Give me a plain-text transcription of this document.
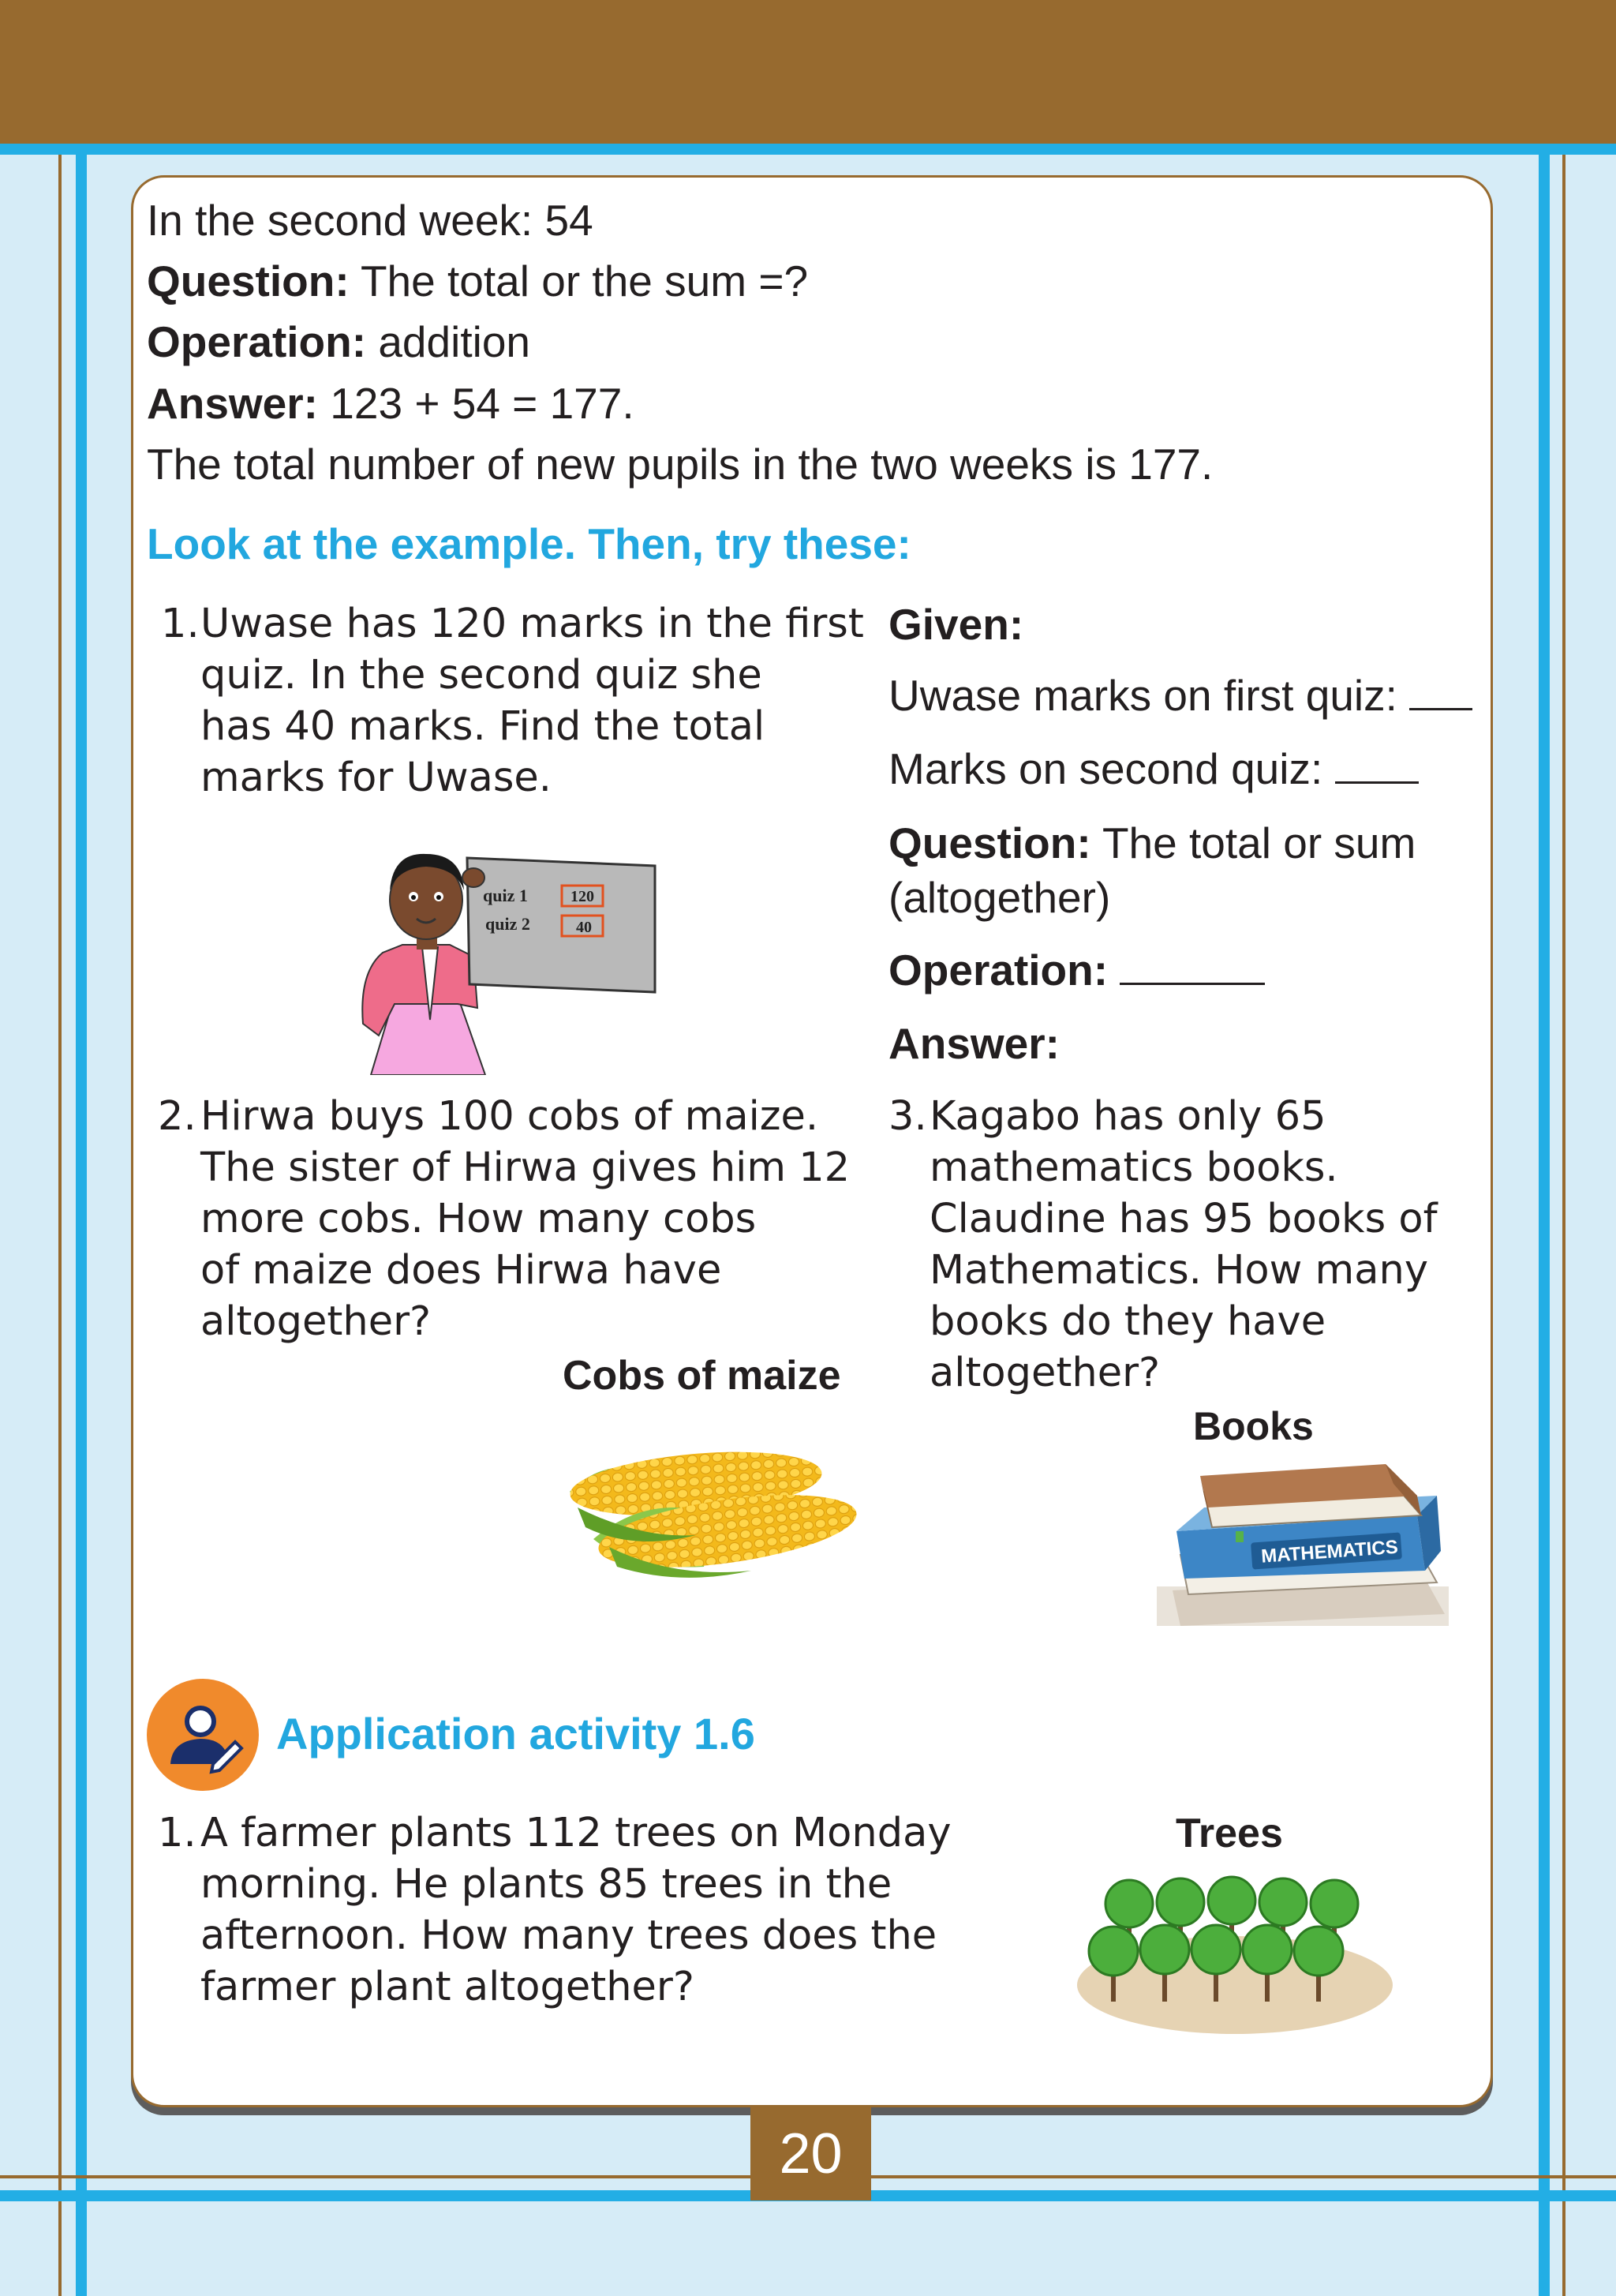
In the second week: 54
Question: The total or the sum =?
Operation: addition
Answer: 123 + 54 = 177.
The total number of new pupils in the two weeks is 177.
Look at the example. Then, try these:
1. Uwase has 120 marks in the first
quiz. In the second quiz she
has 40 marks. Find the total
marks for Uwase.
quiz 1	120
quiz 2	40
Given:
Uwase marks on first quiz:
Marks on second quiz:
Question: The total or sum
(altogether)
Operation:
Answer:
2. Hirwa buys 100 cobs of maize.
The sister of Hirwa gives him 12
more cobs. How many cobs
of maize does Hirwa have
altogether?
Cobs of maize
3. Kagabo has only 65
mathematics books.
Claudine has 95 books of
Mathematics. How many
books do they have
altogether?
Books
MATHEMATICS
Application activity 1.6
1. A farmer plants 112 trees on Monday
morning. He plants 85 trees in the
afternoon. How many trees does the
farmer plant altogether?
Trees
20
